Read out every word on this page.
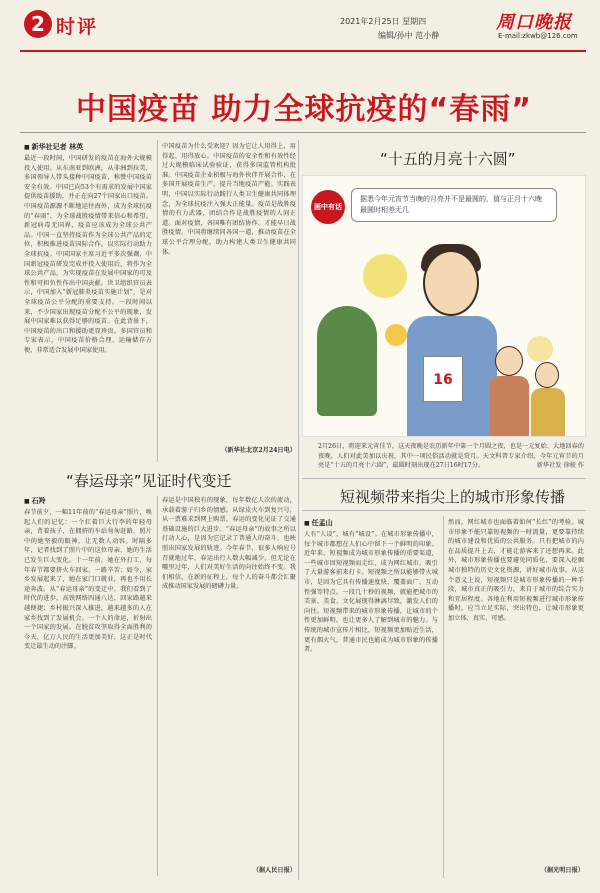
2 时评	2021年2月25日 星期四
编辑/孙中 范小静
周口晚报
E-mail:zkwb@126.com
中国疫苗 助力全球抗疫的“春雨”
■ 新华社记者 林英
最近一段时间，中国研发的疫苗在海外大规模投入使用。从东南亚到欧洲，从非洲到拉美，多国领导人带头接种中国疫苗，称赞中国疫苗安全有效。中国已向53个有需求的发展中国家提供疫苗援助，并正在向27个国家出口疫苗。中国疫苗源源不断地运往海外，成为全球抗疫的“春雨”，为全球战胜疫情带来信心和希望。新冠病毒无国界，疫苗应该成为全球公共产品。中国一直坚持疫苗作为全球公共产品的定位，积极推进疫苗国际合作，以实际行动助力全球抗疫。中国国家主席习近平多次强调，中国新冠疫苗研发完成并投入使用后，将作为全球公共产品，为实现疫苗在发展中国家的可及性和可担负性作出中国贡献。世卫组织官员表示，中国加入“新冠肺炎疫苗实施计划”，是对全球疫苗公平分配的重要支持。一段时间以来，不少国家出现疫苗分配不公平的现象，发展中国家难以获得足够的疫苗。在此背景下，中国疫苗的出口和援助更显珍贵。多国官员和专家表示，中国疫苗价格合理、运输储存方便，非常适合发展中国家使用。
中国疫苗为什么受欢迎？因为它让人用得上、用得起、用得放心。中国疫苗的安全性和有效性经过大规模临床试验验证，获得多国监管机构批准。中国疫苗企业积极与海外伙伴开展合作，在多国开展疫苗生产，提升当地疫苗产能。实践表明，中国以实际行动践行人类卫生健康共同体理念，为全球抗疫注入强大正能量。疫苗是战胜疫情的有力武器，团结合作是战胜疫情的人间正道。面对疫情，各国唯有团结协作，才能早日战胜疫情。中国将继续同各国一道，推动疫苗在全球公平合理分配，助力构建人类卫生健康共同体。
（新华社北京2月24日电）
“春运母亲”见证时代变迁
■ 石羚
春节前夕，一幅11年前的“春运母亲”照片，唤起人们的记忆：一个扛着巨大行李的年轻母亲，背着孩子，在拥挤的车站匆匆赶路。照片中的她坚毅的眼神，让无数人动容。时隔多年，记者找到了照片中的这位母亲，她的生活已发生巨大变化。十一年前，她在外打工，每年春节都要挤火车回家，一路辛苦；如今，家乡发展起来了，她在家门口就业，再也不用长途奔波。从“春运母亲”的变迁中，我们看到了时代的进步。高铁网络四通八达，回家路越来越便捷；乡村振兴深入推进，越来越多的人在家乡找到了发展机会。一个人的命运，折射出一个国家的发展。在脱贫攻坚取得全面胜利的今天，亿万人民的生活更加美好，这正是时代变迁最生动的注脚。
春运是中国独有的现象，每年数亿人次的流动，承载着游子归乡的情感。从绿皮火车到复兴号，从一票难求到网上购票，春运的变化见证了交通基础设施的巨大进步。“春运母亲”的故事之所以打动人心，是因为它记录了普通人的奋斗，也映照出国家发展的轨迹。今年春节，很多人响应号召就地过年，春运出行人数大幅减少。但无论在哪里过年，人们对美好生活的向往始终不变。我们相信，在新的征程上，每个人的奋斗都会汇聚成推动国家发展的磅礴力量。
（据人民日报）
“十五的月亮十六圆”
16
画中有话
据悉今年元宵节当晚的月亮并不是最圆的，值与正月十六晚最圆时相差无几
2月26日，将迎来元宵佳节，这天夜晚是农历新年中第一个月圆之夜，也是一元复始、大地回春的夜晚。人们对此美加以庆祝，其中一项民俗活动就是赏月。天文科普专家介绍，今年元宵节的月亮是“十五的月亮十六圆”，最圆时刻出现在27日16时17分。	新华社发 徐骏 作
短视频带来指尖上的城市形象传播
■ 任孟山
人有“人设”，城有“城设”。在城市形象传播中，每个城市都想在人们心中留下一个鲜明的印象。近年来，短视频成为城市形象传播的重要渠道，一些城市因短视频而走红，成为网红城市，吸引了大量游客前来打卡。短视频之所以能够带火城市，是因为它具有传播速度快、覆盖面广、互动性强等特点。一段几十秒的视频，就能把城市的美景、美食、文化展现得淋漓尽致，激发人们的向往。短视频带来的城市形象传播，让城市的个性更加鲜明，也让更多人了解到城市的魅力。与传统的城市宣传片相比，短视频更加贴近生活，更有烟火气，普通市民也能成为城市形象的传播者。
然而，网红城市也面临着如何“长红”的考验。城市形象不能只靠短视频的一时流量，更要靠持续的城市建设和优质的公共服务。只有把城市的内在品质提升上去，才能让游客来了还想再来。此外，城市形象传播也要避免同质化，要深入挖掘城市独特的历史文化资源，讲好城市故事。从这个意义上说，短视频只是城市形象传播的一种手段，城市真正的吸引力，来自于城市的综合实力和宜居程度。各地在利用短视频进行城市形象传播时，应当立足实际，突出特色，让城市形象更加立体、真实、可感。
（据光明日报）
